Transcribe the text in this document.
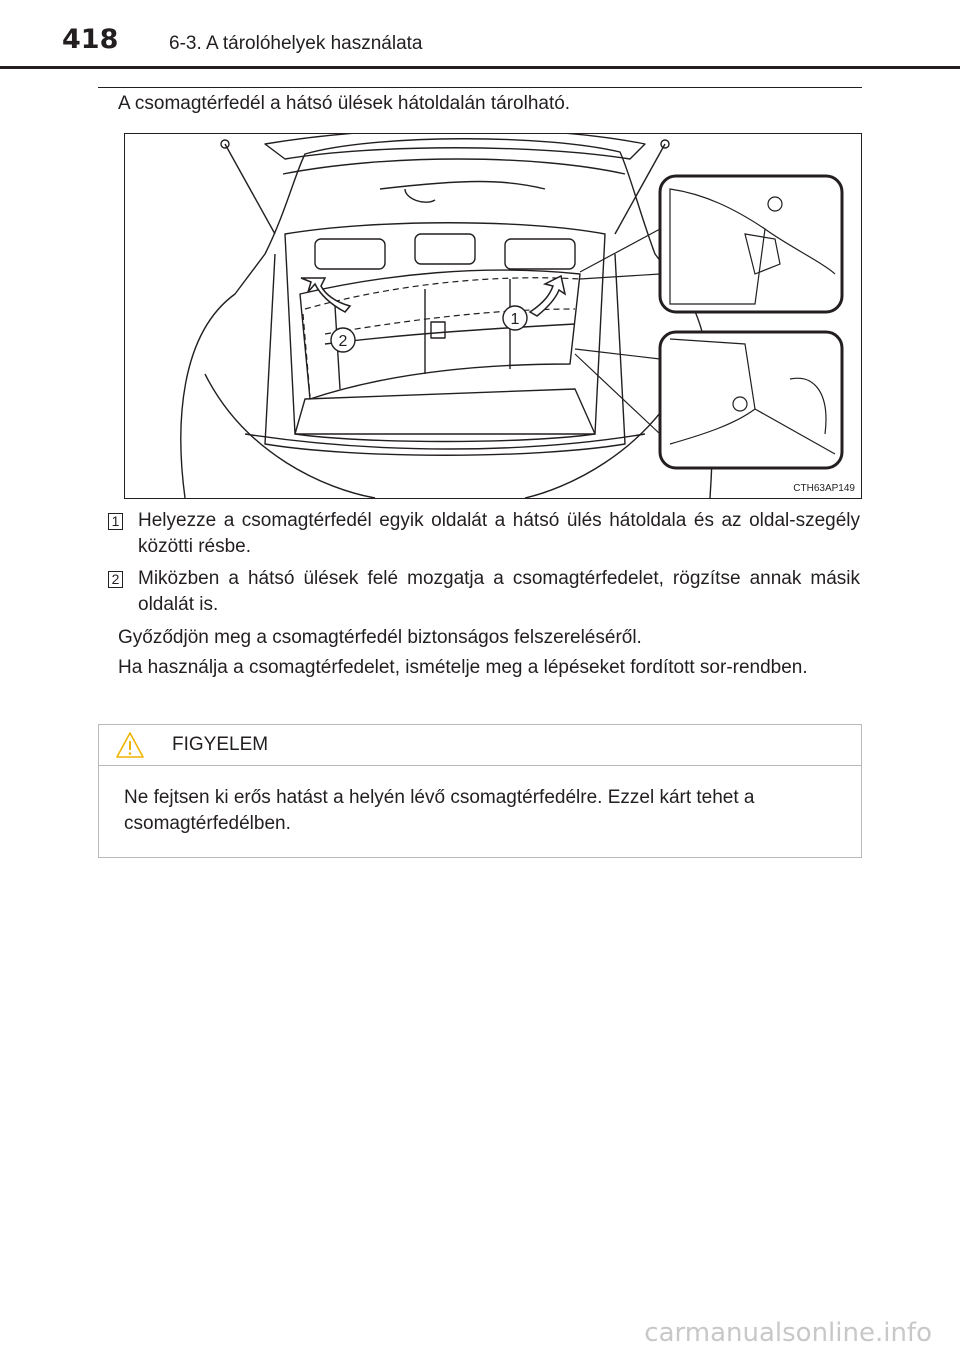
418	6-3. A tárolóhelyek használata
A csomagtérfedél a hátsó ülések hátoldalán tárolható.
1
2
CTH63AP149
1 Helyezze a csomagtérfedél egyik oldalát a hátsó ülés hátoldala és az oldal-szegély közötti résbe.
2 Miközben a hátsó ülések felé mozgatja a csomagtérfedelet, rögzítse annak másik oldalát is.
Győződjön meg a csomagtérfedél biztonságos felszereléséről.
Ha használja a csomagtérfedelet, ismételje meg a lépéseket fordított sor-rendben.
FIGYELEM
Ne fejtsen ki erős hatást a helyén lévő csomagtérfedélre. Ezzel kárt tehet a csomagtérfedélben.
carmanualsonline.info
